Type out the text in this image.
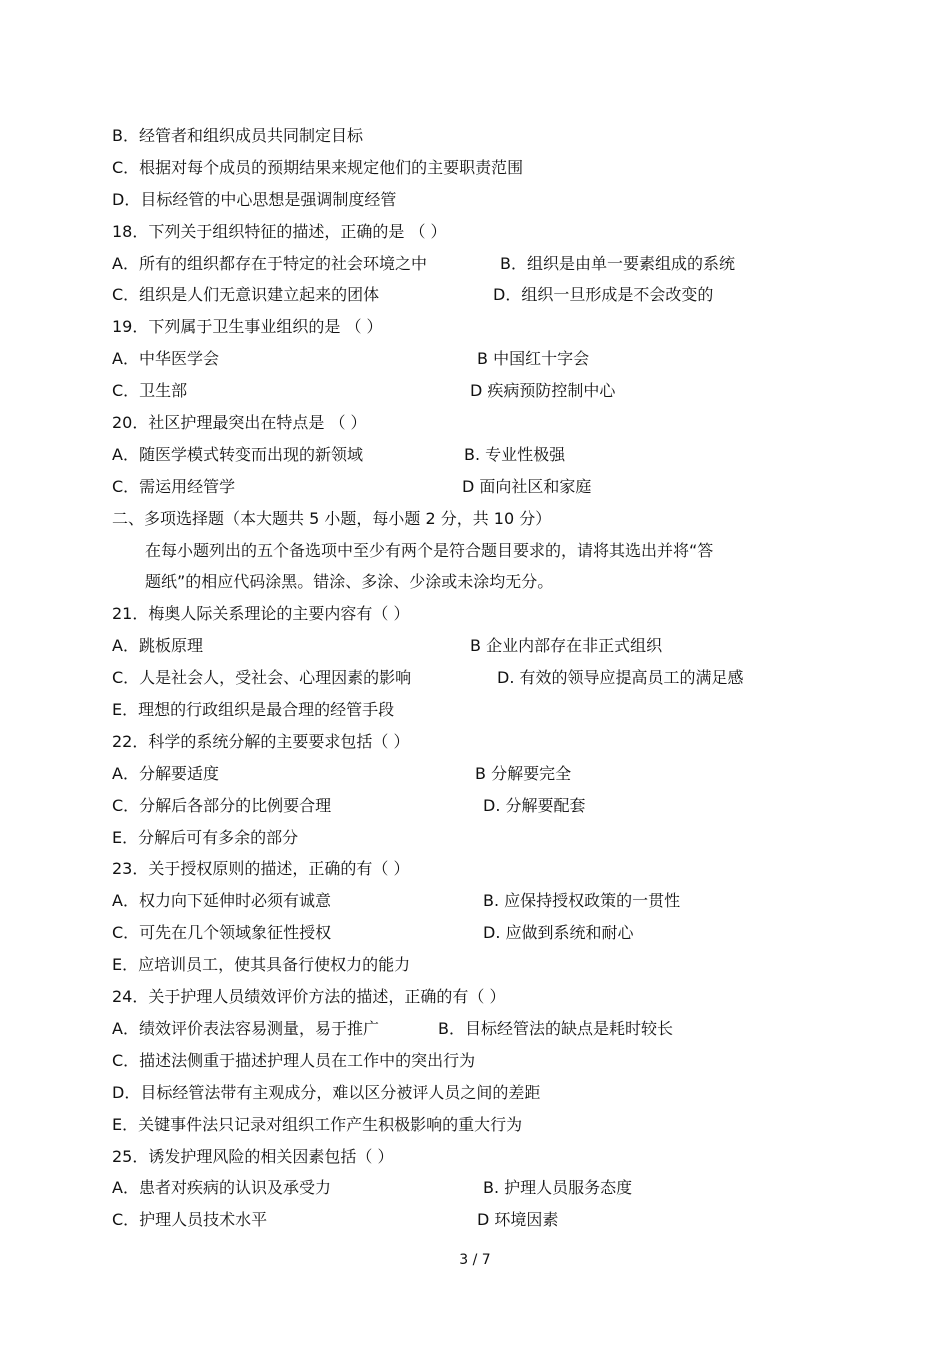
B．经管者和组织成员共同制定目标
C．根据对每个成员的预期结果来规定他们的主要职责范围
D．目标经管的中心思想是强调制度经管
18．下列关于组织特征的描述，正确的是 （ ）
A．所有的组织都存在于特定的社会环境之中	B．组织是由单一要素组成的系统
C．组织是人们无意识建立起来的团体	D．组织一旦形成是不会改变的
19．下列属于卫生事业组织的是 （ ）
A．中华医学会	B 中国红十字会
C．卫生部	D 疾病预防控制中心
20．社区护理最突出在特点是 （ ）
A．随医学模式转变而出现的新领域	B. 专业性极强
C．需运用经管学	D 面向社区和家庭
二、多项选择题（本大题共 5 小题，每小题 2 分，共 10 分）
在每小题列出的五个备选项中至少有两个是符合题目要求的，请将其选出并将“答
题纸”的相应代码涂黑。错涂、多涂、少涂或未涂均无分。
21．梅奥人际关系理论的主要内容有（ ）
A．跳板原理	B 企业内部存在非正式组织
C．人是社会人，受社会、心理因素的影响	D. 有效的领导应提高员工的满足感
E．理想的行政组织是最合理的经管手段
22．科学的系统分解的主要要求包括（ ）
A．分解要适度	B 分解要完全
C．分解后各部分的比例要合理	D. 分解要配套
E．分解后可有多余的部分
23．关于授权原则的描述，正确的有（ ）
A．权力向下延伸时必须有诚意	B. 应保持授权政策的一贯性
C．可先在几个领域象征性授权	D. 应做到系统和耐心
E．应培训员工，使其具备行使权力的能力
24．关于护理人员绩效评价方法的描述，正确的有（ ）
A．绩效评价表法容易测量，易于推广	B．目标经管法的缺点是耗时较长
C．描述法侧重于描述护理人员在工作中的突出行为
D．目标经管法带有主观成分，难以区分被评人员之间的差距
E．关键事件法只记录对组织工作产生积极影响的重大行为
25．诱发护理风险的相关因素包括（ ）
A．患者对疾病的认识及承受力	B. 护理人员服务态度
C．护理人员技术水平	D 环境因素
3 / 7
